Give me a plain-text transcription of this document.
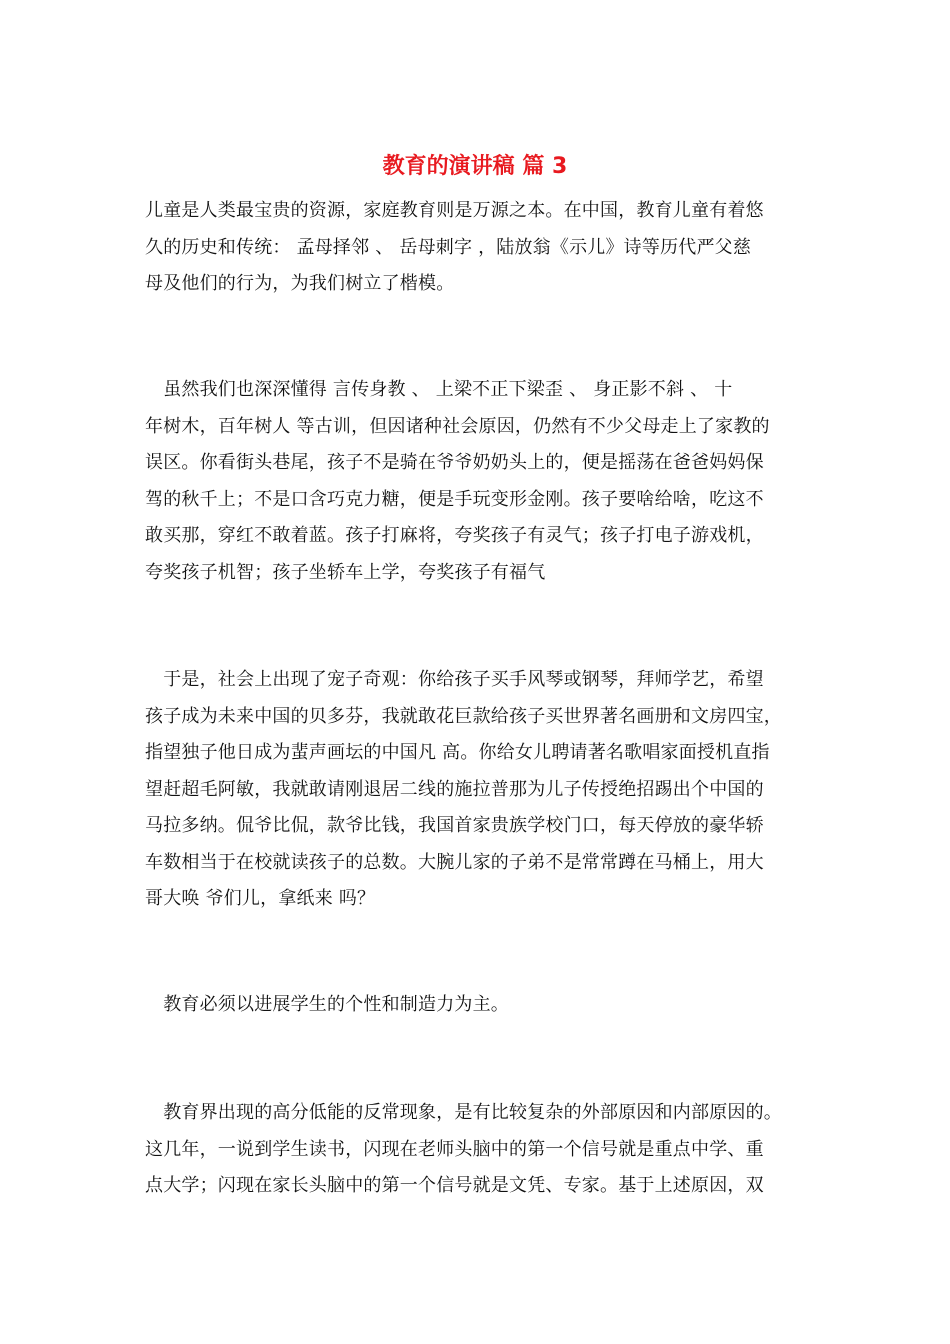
教育的演讲稿 篇 3
儿童是人类最宝贵的资源，家庭教育则是万源之本。在中国，教育儿童有着悠
久的历史和传统： 孟母择邻 、 岳母刺字 ，陆放翁《示儿》诗等历代严父慈
母及他们的行为，为我们树立了楷模。
　虽然我们也深深懂得 言传身教 、 上梁不正下梁歪 、 身正影不斜 、 十
年树木，百年树人 等古训，但因诸种社会原因，仍然有不少父母走上了家教的
误区。你看街头巷尾，孩子不是骑在爷爷奶奶头上的，便是摇荡在爸爸妈妈保
驾的秋千上；不是口含巧克力糖，便是手玩变形金刚。孩子要啥给啥，吃这不
敢买那，穿红不敢着蓝。孩子打麻将，夸奖孩子有灵气；孩子打电子游戏机，
夸奖孩子机智；孩子坐轿车上学，夸奖孩子有福气
　于是，社会上出现了宠子奇观：你给孩子买手风琴或钢琴，拜师学艺，希望
孩子成为未来中国的贝多芬，我就敢花巨款给孩子买世界著名画册和文房四宝，
指望独子他日成为蜚声画坛的中国凡 高。你给女儿聘请著名歌唱家面授机直指
望赶超毛阿敏，我就敢请刚退居二线的施拉普那为儿子传授绝招踢出个中国的
马拉多纳。侃爷比侃，款爷比钱，我国首家贵族学校门口，每天停放的豪华轿
车数相当于在校就读孩子的总数。大腕儿家的子弟不是常常蹲在马桶上，用大
哥大唤 爷们儿，拿纸来 吗？
　教育必须以进展学生的个性和制造力为主。
　教育界出现的高分低能的反常现象，是有比较复杂的外部原因和内部原因的。
这几年，一说到学生读书，闪现在老师头脑中的第一个信号就是重点中学、重
点大学；闪现在家长头脑中的第一个信号就是文凭、专家。基于上述原因，双
